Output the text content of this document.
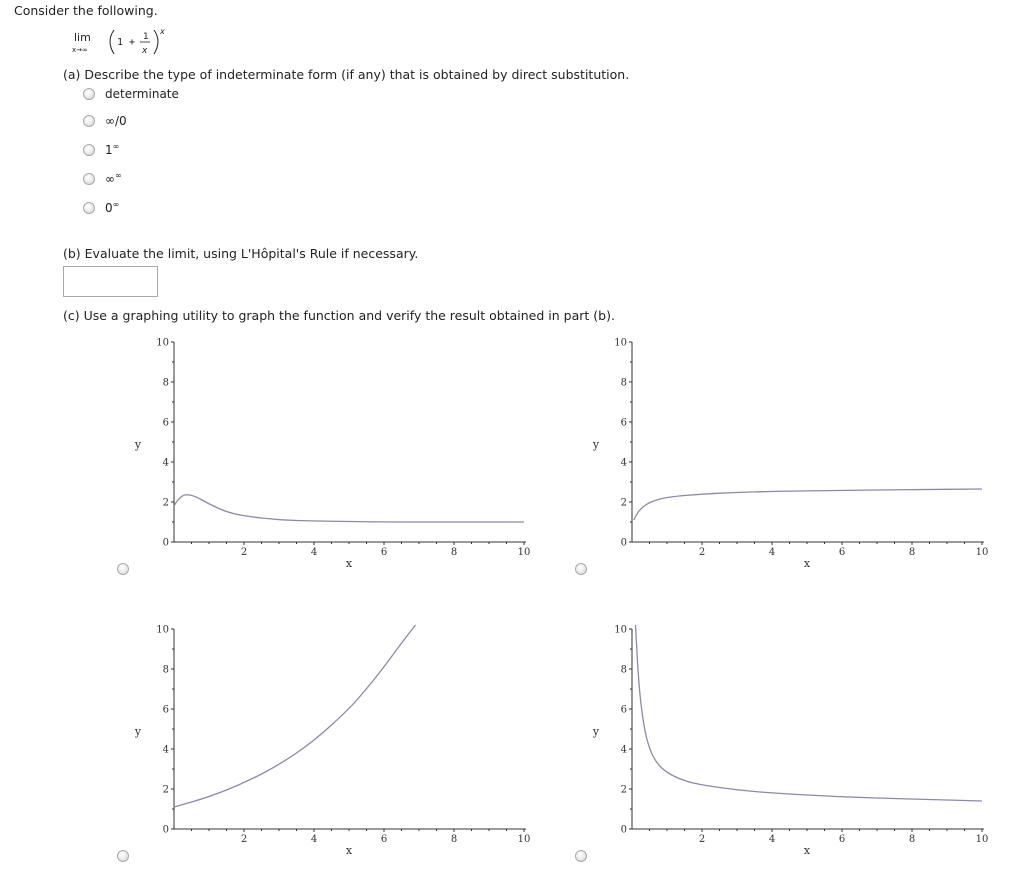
Consider the following.
lim
x→∞
1 + 1
x
x
(a) Describe the type of indeterminate form (if any) that is obtained by direct substitution.
determinate
∞/0
1∞
∞∞
0∞
(b) Evaluate the limit, using L'Hôpital's Rule if necessary.
(c) Use a graphing utility to graph the function and verify the result obtained in part (b).
0
2
4
6
8
10
2	4	6	8	10
x
y
0
2
4
6
8
10
2	4	6	8	10
x
y
0
2
4
6
8
10
2	4	6	8	10
x
y
0
2
4
6
8
10
2	4	6	8	10
x
y
